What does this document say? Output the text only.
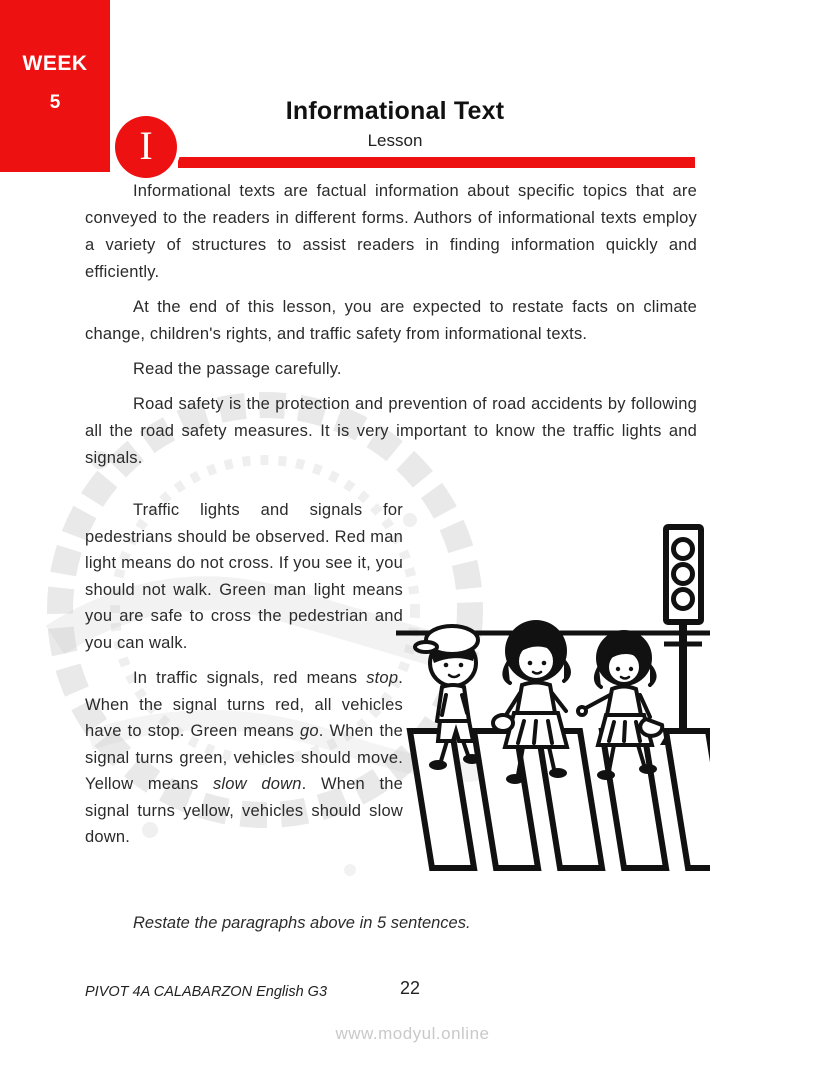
WEEK
5
I
Informational Text
Lesson

Informational texts are factual information about specific topics that are conveyed to the readers in different forms. Authors of informational texts employ a variety of structures to assist readers in finding information quickly and efficiently.

At the end of this lesson, you are expected to restate facts on climate change, children's rights, and traffic safety from informational texts.

Read the passage carefully.

Road safety is the protection and prevention of road accidents by following all the road safety measures. It is very important to know the traffic lights and signals.

Traffic lights and signals for pedestrians should be observed. Red man light means do not cross. If you see it, you should not walk. Green man light means you are safe to cross the pedestrian and you can walk.

In traffic signals, red means stop. When the signal turns red, all vehicles have to stop. Green means go. When the signal turns green, vehicles should move. Yellow means slow down. When the signal turns yellow, vehicles should slow down.

Restate the paragraphs above in 5 sentences.
PIVOT 4A CALABARZON English G3	22
www.modyul.online
